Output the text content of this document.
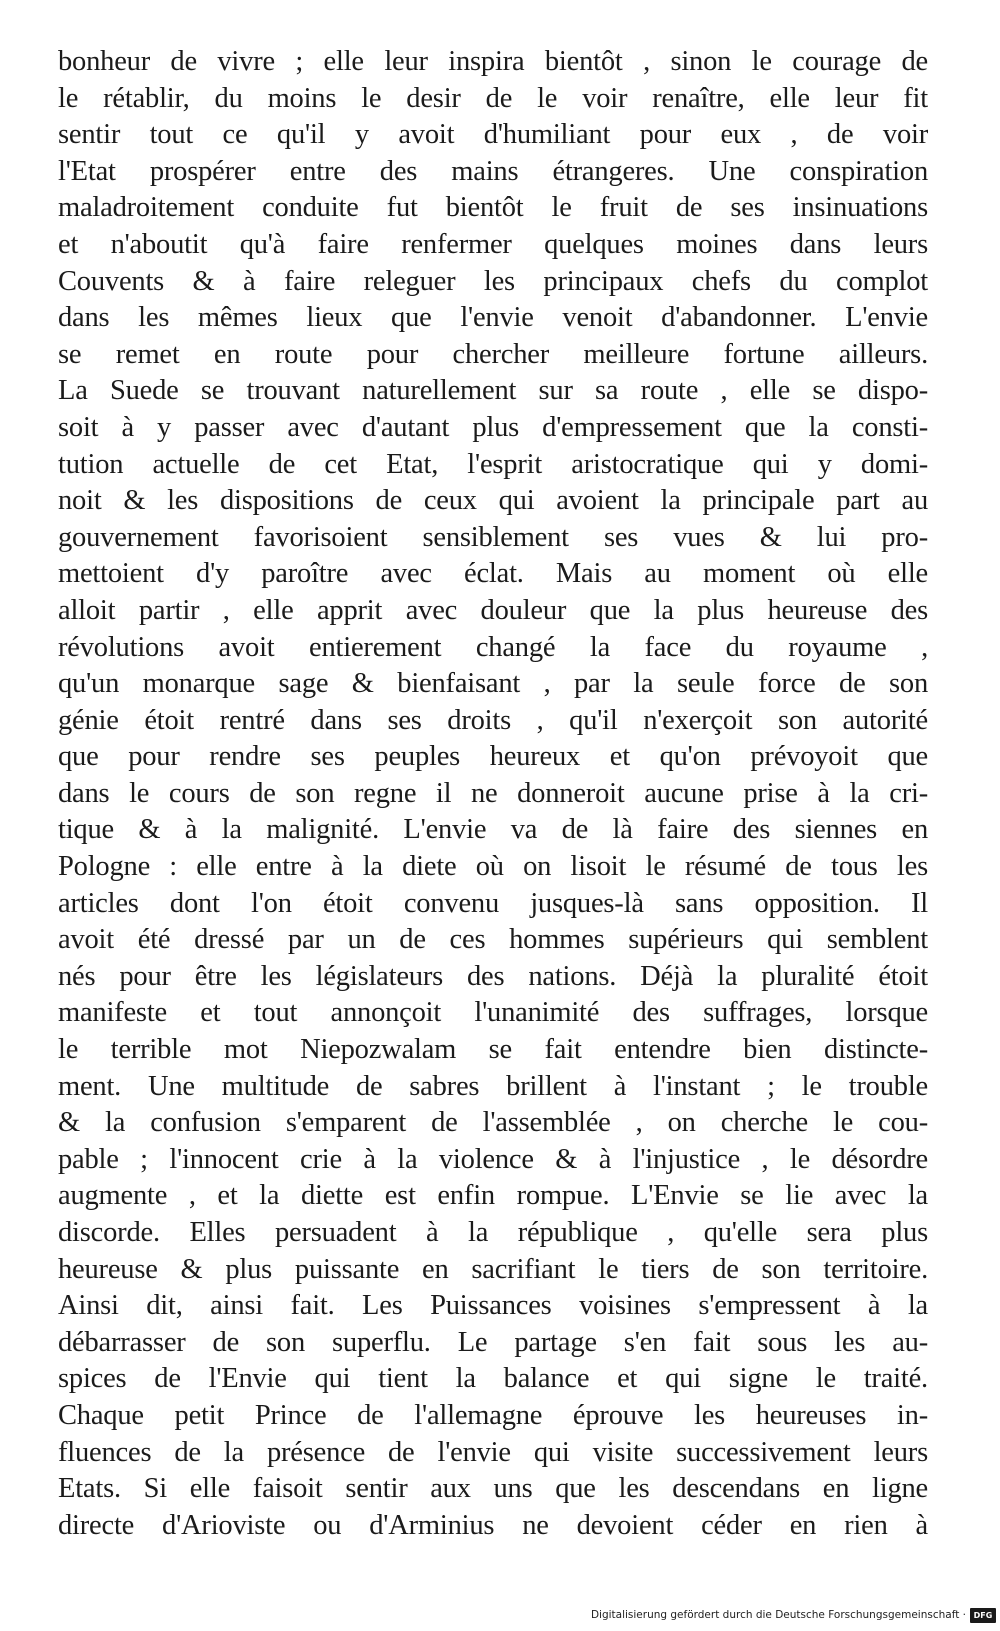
bonheur de vivre ; elle leur inspira bientôt , sinon le courage de
le rétablir, du moins le desir de le voir renaître, elle leur fit
sentir tout ce qu'il y avoit d'humiliant pour eux , de voir
l'Etat prospérer entre des mains étrangeres. Une conspiration
maladroitement conduite fut bientôt le fruit de ses insinuations
et n'aboutit qu'à faire renfermer quelques moines dans leurs
Couvents & à faire releguer les principaux chefs du complot
dans les mêmes lieux que l'envie venoit d'abandonner. L'envie
se remet en route pour chercher meilleure fortune ailleurs.
La Suede se trouvant naturellement sur sa route , elle se dispo-
soit à y passer avec d'autant plus d'empressement que la consti-
tution actuelle de cet Etat, l'esprit aristocratique qui y domi-
noit & les dispositions de ceux qui avoient la principale part au
gouvernement favorisoient sensiblement ses vues & lui pro-
mettoient d'y paroître avec éclat. Mais au moment où elle
alloit partir , elle apprit avec douleur que la plus heureuse des
révolutions avoit entierement changé la face du royaume ,
qu'un monarque sage & bienfaisant , par la seule force de son
génie étoit rentré dans ses droits , qu'il n'exerçoit son autorité
que pour rendre ses peuples heureux et qu'on prévoyoit que
dans le cours de son regne il ne donneroit aucune prise à la cri-
tique & à la malignité. L'envie va de là faire des siennes en
Pologne : elle entre à la diete où on lisoit le résumé de tous les
articles dont l'on étoit convenu jusques-là sans opposition. Il
avoit été dressé par un de ces hommes supérieurs qui semblent
nés pour être les législateurs des nations. Déjà la pluralité étoit
manifeste et tout annonçoit l'unanimité des suffrages, lorsque
le terrible mot Niepozwalam se fait entendre bien distincte-
ment. Une multitude de sabres brillent à l'instant ; le trouble
& la confusion s'emparent de l'assemblée , on cherche le cou-
pable ; l'innocent crie à la violence & à l'injustice , le désordre
augmente , et la diette est enfin rompue. L'Envie se lie avec la
discorde. Elles persuadent à la république , qu'elle sera plus
heureuse & plus puissante en sacrifiant le tiers de son territoire.
Ainsi dit, ainsi fait. Les Puissances voisines s'empressent à la
débarrasser de son superflu. Le partage s'en fait sous les au-
spices de l'Envie qui tient la balance et qui signe le traité.
Chaque petit Prince de l'allemagne éprouve les heureuses in-
fluences de la présence de l'envie qui visite successivement leurs
Etats. Si elle faisoit sentir aux uns que les descendans en ligne
directe d'Arioviste ou d'Arminius ne devoient céder en rien à
Digitalisierung gefördert durch die Deutsche Forschungsgemeinschaft · DFG
